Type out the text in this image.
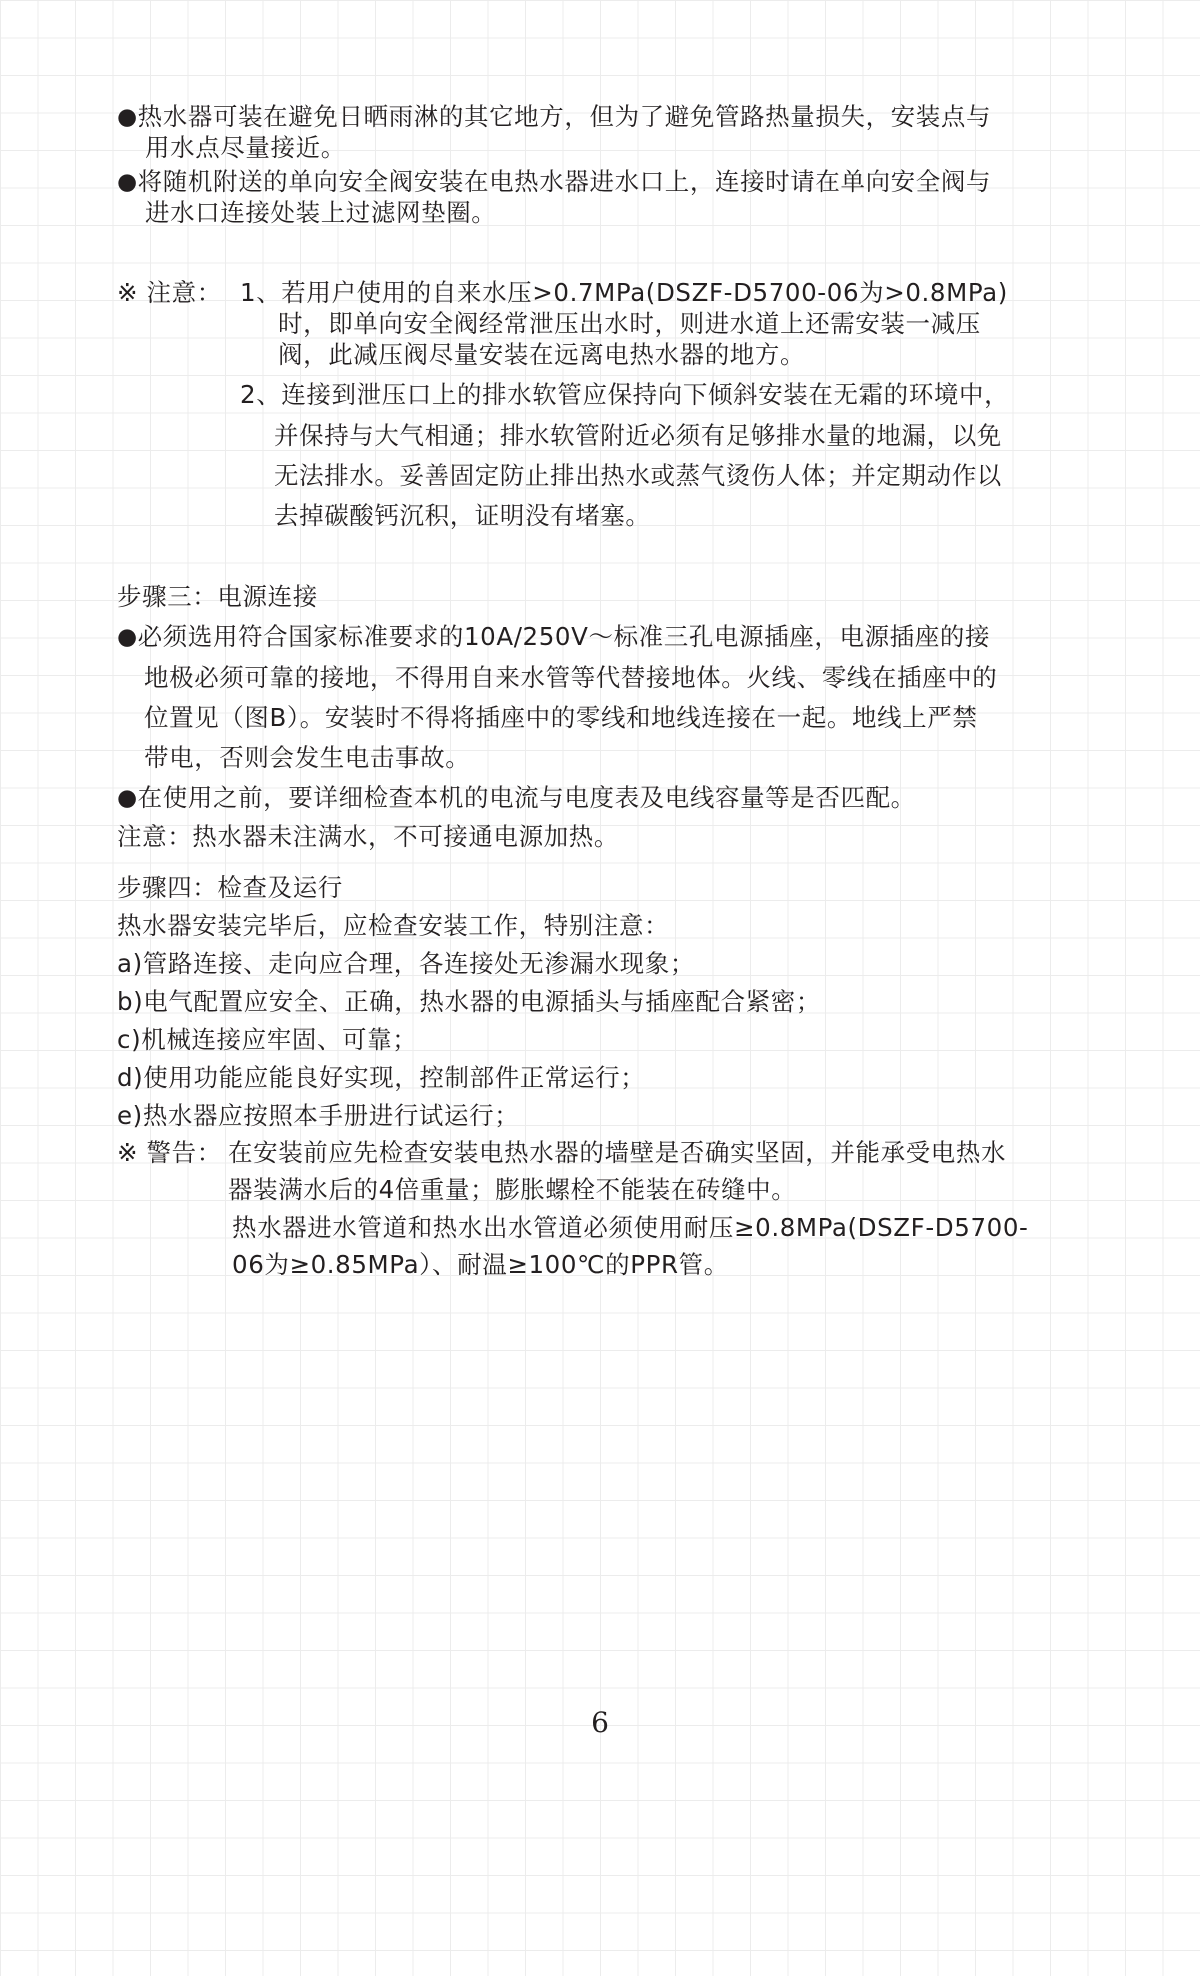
●热水器可装在避免日晒雨淋的其它地方，但为了避免管路热量损失，安装点与
用水点尽量接近。
●将随机附送的单向安全阀安装在电热水器进水口上，连接时请在单向安全阀与
进水口连接处装上过滤网垫圈。
※ 注意： 1、若用户使用的自来水压>0.7MPa(DSZF-D5700-06为>0.8MPa)
时，即单向安全阀经常泄压出水时，则进水道上还需安装一减压
阀，此减压阀尽量安装在远离电热水器的地方。
2、连接到泄压口上的排水软管应保持向下倾斜安装在无霜的环境中，
并保持与大气相通；排水软管附近必须有足够排水量的地漏，以免
无法排水。妥善固定防止排出热水或蒸气烫伤人体；并定期动作以
去掉碳酸钙沉积，证明没有堵塞。
步骤三：电源连接
●必须选用符合国家标准要求的10A/250V～标准三孔电源插座，电源插座的接
地极必须可靠的接地，不得用自来水管等代替接地体。火线、零线在插座中的
位置见（图B）。安装时不得将插座中的零线和地线连接在一起。地线上严禁
带电，否则会发生电击事故。
●在使用之前，要详细检查本机的电流与电度表及电线容量等是否匹配。
注意：热水器未注满水，不可接通电源加热。
步骤四：检查及运行
热水器安装完毕后，应检查安装工作，特别注意：
a)管路连接、走向应合理，各连接处无渗漏水现象；
b)电气配置应安全、正确，热水器的电源插头与插座配合紧密；
c)机械连接应牢固、可靠；
d)使用功能应能良好实现，控制部件正常运行；
e)热水器应按照本手册进行试运行；
※ 警告： 在安装前应先检查安装电热水器的墙壁是否确实坚固，并能承受电热水
器装满水后的4倍重量；膨胀螺栓不能装在砖缝中。
热水器进水管道和热水出水管道必须使用耐压≥0.8MPa(DSZF-D5700-
06为≥0.85MPa）、耐温≥100℃的PPR管。
6
